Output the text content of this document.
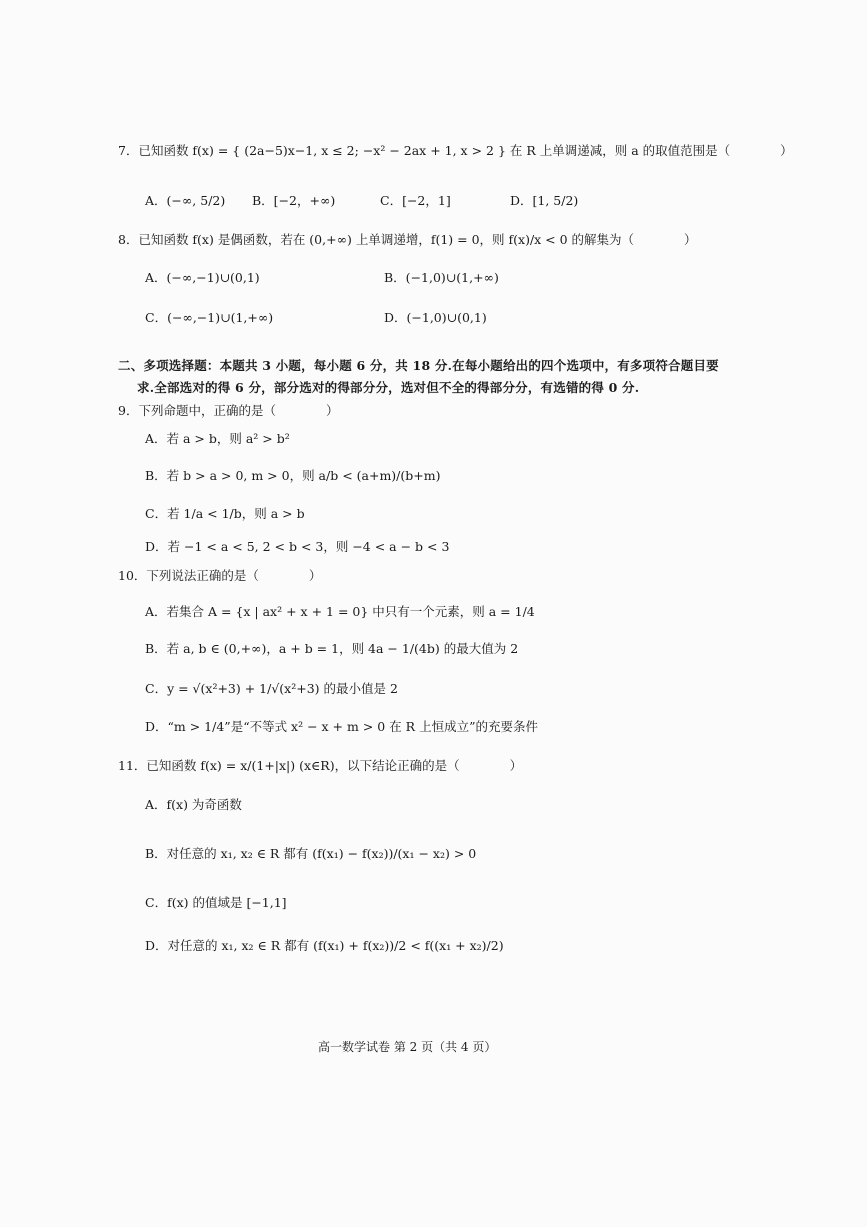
7．已知函数 f(x) = { (2a−5)x−1, x ≤ 2; −x² − 2ax + 1, x > 2 } 在 R 上单调递减，则 a 的取值范围是（　　　　）
A．(−∞, 5/2) B．[−2，+∞)	C．[−2，1]	D．[1, 5/2)
8．已知函数 f(x) 是偶函数，若在 (0,+∞) 上单调递增，f(1) = 0，则 f(x)/x < 0 的解集为（　　　　）
A．(−∞,−1)∪(0,1)	B．(−1,0)∪(1,+∞)
C．(−∞,−1)∪(1,+∞)	D．(−1,0)∪(0,1)
二、多项选择题：本题共 3 小题，每小题 6 分，共 18 分.在每小题给出的四个选项中，有多项符合题目要
求.全部选对的得 6 分，部分选对的得部分分，选对但不全的得部分分，有选错的得 0 分.
9．下列命题中，正确的是（　　　　）
A．若 a > b，则 a² > b²
B．若 b > a > 0, m > 0，则 a/b < (a+m)/(b+m)
C．若 1/a < 1/b，则 a > b
D．若 −1 < a < 5, 2 < b < 3，则 −4 < a − b < 3
10．下列说法正确的是（　　　　）
A．若集合 A = {x | ax² + x + 1 = 0} 中只有一个元素，则 a = 1/4
B．若 a, b ∈ (0,+∞)，a + b = 1，则 4a − 1/(4b) 的最大值为 2
C．y = √(x²+3) + 1/√(x²+3) 的最小值是 2
D．“m > 1/4”是“不等式 x² − x + m > 0 在 R 上恒成立”的充要条件
11．已知函数 f(x) = x/(1+|x|) (x∈R)，以下结论正确的是（　　　　）
A．f(x) 为奇函数
B．对任意的 x₁, x₂ ∈ R 都有 (f(x₁) − f(x₂))/(x₁ − x₂) > 0
C．f(x) 的值域是 [−1,1]
D．对任意的 x₁, x₂ ∈ R 都有 (f(x₁) + f(x₂))/2 < f((x₁ + x₂)/2)
高一数学试卷 第 2 页（共 4 页）
